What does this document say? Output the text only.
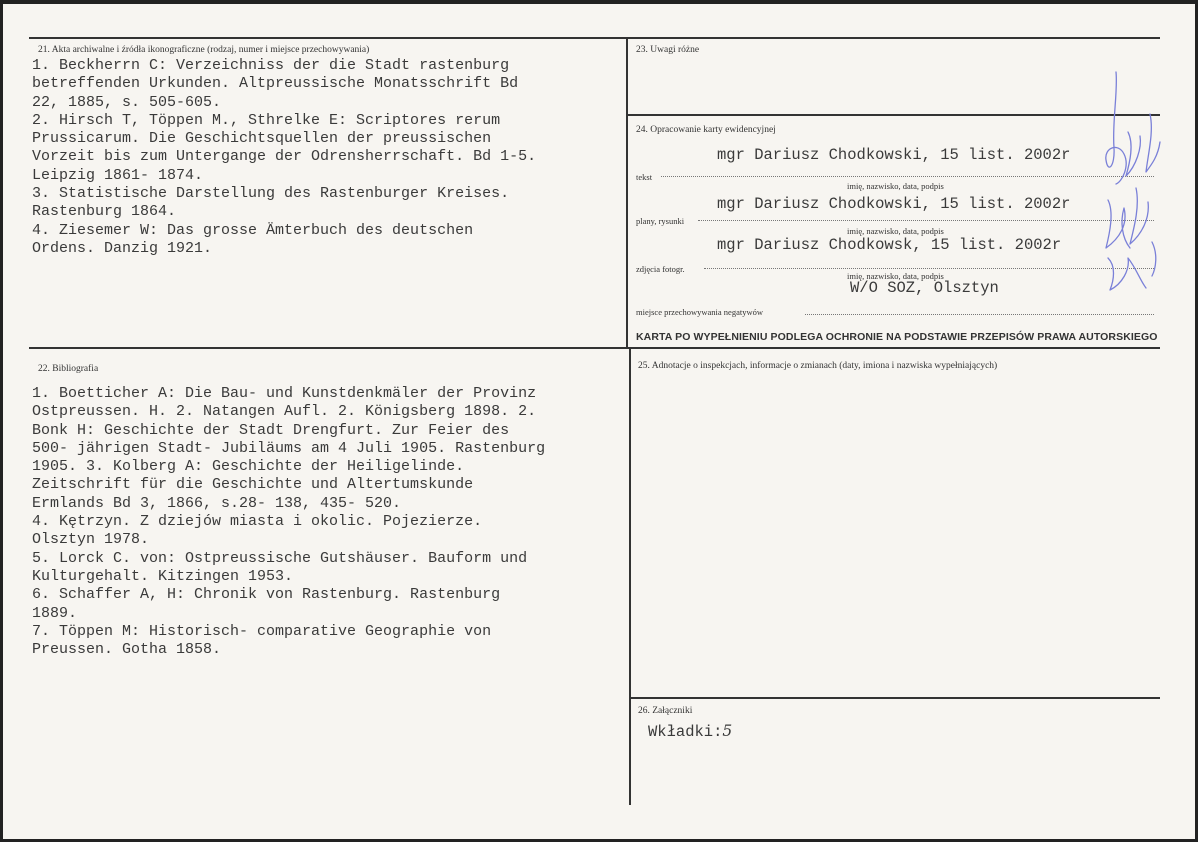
21. Akta archiwalne i źródła ikonograficzne (rodzaj, numer i miejsce przechowywania)
1. Beckherrn C: Verzeichniss der die Stadt rastenburg
betreffenden Urkunden. Altpreussische Monatsschrift Bd
22, 1885, s. 505-605.
2. Hirsch T, Töppen M., Sthrelke E: Scriptores rerum
Prussicarum. Die Geschichtsquellen der preussischen
Vorzeit bis zum Untergange der Odrensherrschaft. Bd 1-5.
Leipzig 1861- 1874.
3. Statistische Darstellung des Rastenburger Kreises.
Rastenburg 1864.
4. Ziesemer W: Das grosse Ämterbuch des deutschen
Ordens. Danzig 1921.
22. Bibliografia
1. Boetticher A: Die Bau- und Kunstdenkmäler der Provinz
Ostpreussen. H. 2. Natangen Aufl. 2. Königsberg 1898. 2.
Bonk H: Geschichte der Stadt Drengfurt. Zur Feier des
500- jährigen Stadt- Jubiläums am 4 Juli 1905. Rastenburg
1905. 3. Kolberg A: Geschichte der Heiligelinde.
Zeitschrift für die Geschichte und Altertumskunde
Ermlands Bd 3, 1866, s.28- 138, 435- 520.
4. Kętrzyn. Z dziejów miasta i okolic. Pojezierze.
Olsztyn 1978.
5. Lorck C. von: Ostpreussische Gutshäuser. Bauform und
Kulturgehalt. Kitzingen 1953.
6. Schaffer A, H: Chronik von Rastenburg. Rastenburg
1889.
7. Töppen M: Historisch- comparative Geographie von
Preussen. Gotha 1858.
23. Uwagi różne
24. Opracowanie karty ewidencyjnej
mgr Dariusz Chodkowski, 15 list. 2002r
tekst
imię, nazwisko, data, podpis
mgr Dariusz Chodkowski, 15 list. 2002r
plany, rysunki
imię, nazwisko, data, podpis
mgr Dariusz Chodkowsk, 15 list. 2002r
zdjęcia fotogr.
imię, nazwisko, data, podpis
W/O SOZ, Olsztyn
miejsce przechowywania negatywów
KARTA PO WYPEŁNIENIU PODLEGA OCHRONIE NA PODSTAWIE PRZEPISÓW PRAWA AUTORSKIEGO
25. Adnotacje o inspekcjach, informacje o zmianach (daty, imiona i nazwiska wypełniających)
26. Załączniki
Wkładki:5
